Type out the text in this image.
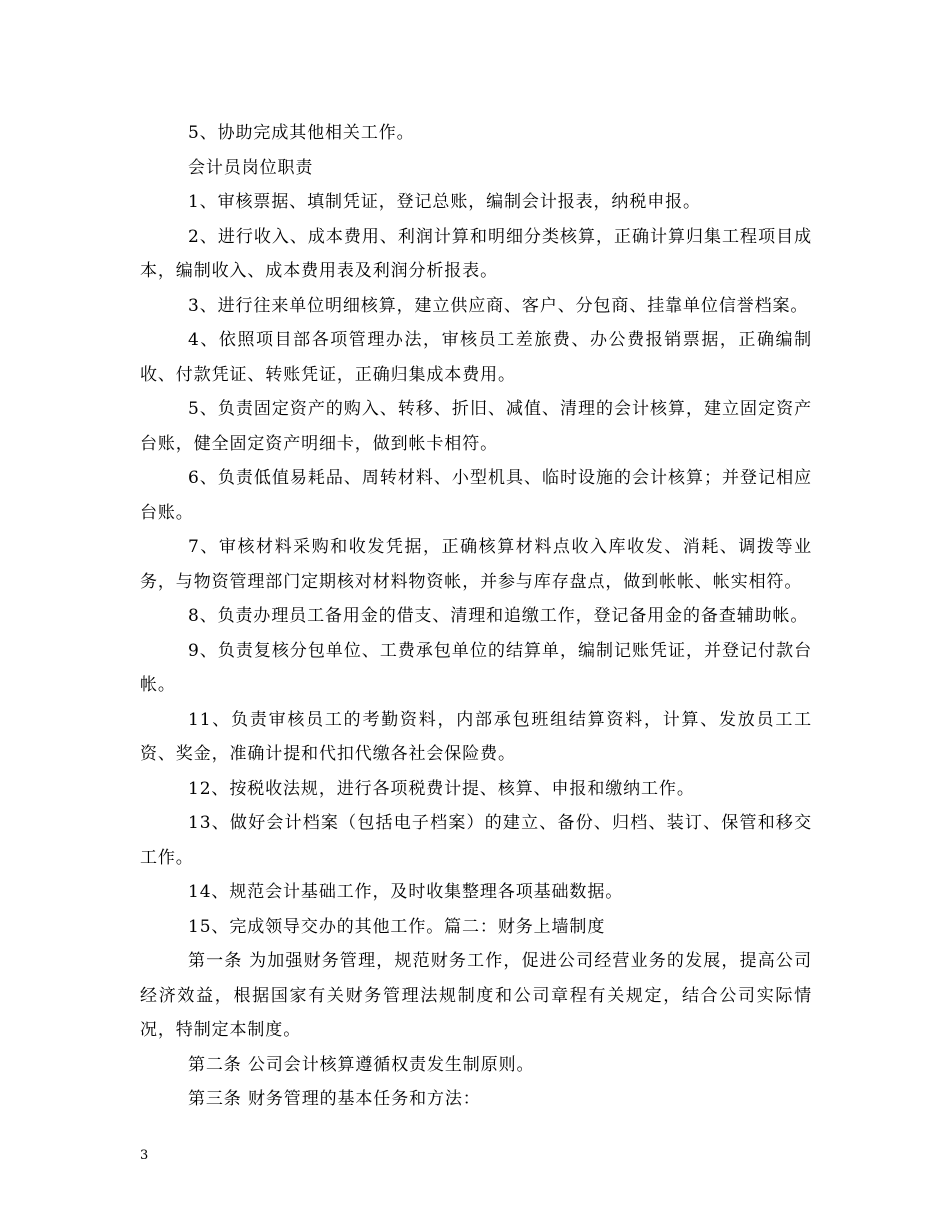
5、协助完成其他相关工作。

会计员岗位职责

1、审核票据、填制凭证，登记总账，编制会计报表，纳税申报。

2、进行收入、成本费用、利润计算和明细分类核算，正确计算归集工程项目成本，编制收入、成本费用表及利润分析报表。

3、进行往来单位明细核算，建立供应商、客户、分包商、挂靠单位信誉档案。

4、依照项目部各项管理办法，审核员工差旅费、办公费报销票据，正确编制收、付款凭证、转账凭证，正确归集成本费用。

5、负责固定资产的购入、转移、折旧、减值、清理的会计核算，建立固定资产台账，健全固定资产明细卡，做到帐卡相符。

6、负责低值易耗品、周转材料、小型机具、临时设施的会计核算；并登记相应台账。

7、审核材料采购和收发凭据，正确核算材料点收入库收发、消耗、调拨等业务，与物资管理部门定期核对材料物资帐，并参与库存盘点，做到帐帐、帐实相符。

8、负责办理员工备用金的借支、清理和追缴工作，登记备用金的备查辅助帐。

9、负责复核分包单位、工费承包单位的结算单，编制记账凭证，并登记付款台帐。

11、负责审核员工的考勤资料，内部承包班组结算资料，计算、发放员工工资、奖金，准确计提和代扣代缴各社会保险费。

12、按税收法规，进行各项税费计提、核算、申报和缴纳工作。

13、做好会计档案（包括电子档案）的建立、备份、归档、装订、保管和移交工作。

14、规范会计基础工作，及时收集整理各项基础数据。

15、完成领导交办的其他工作。篇二：财务上墙制度

第一条 为加强财务管理，规范财务工作，促进公司经营业务的发展，提高公司经济效益，根据国家有关财务管理法规制度和公司章程有关规定，结合公司实际情况，特制定本制度。

第二条 公司会计核算遵循权责发生制原则。

第三条 财务管理的基本任务和方法：

3
